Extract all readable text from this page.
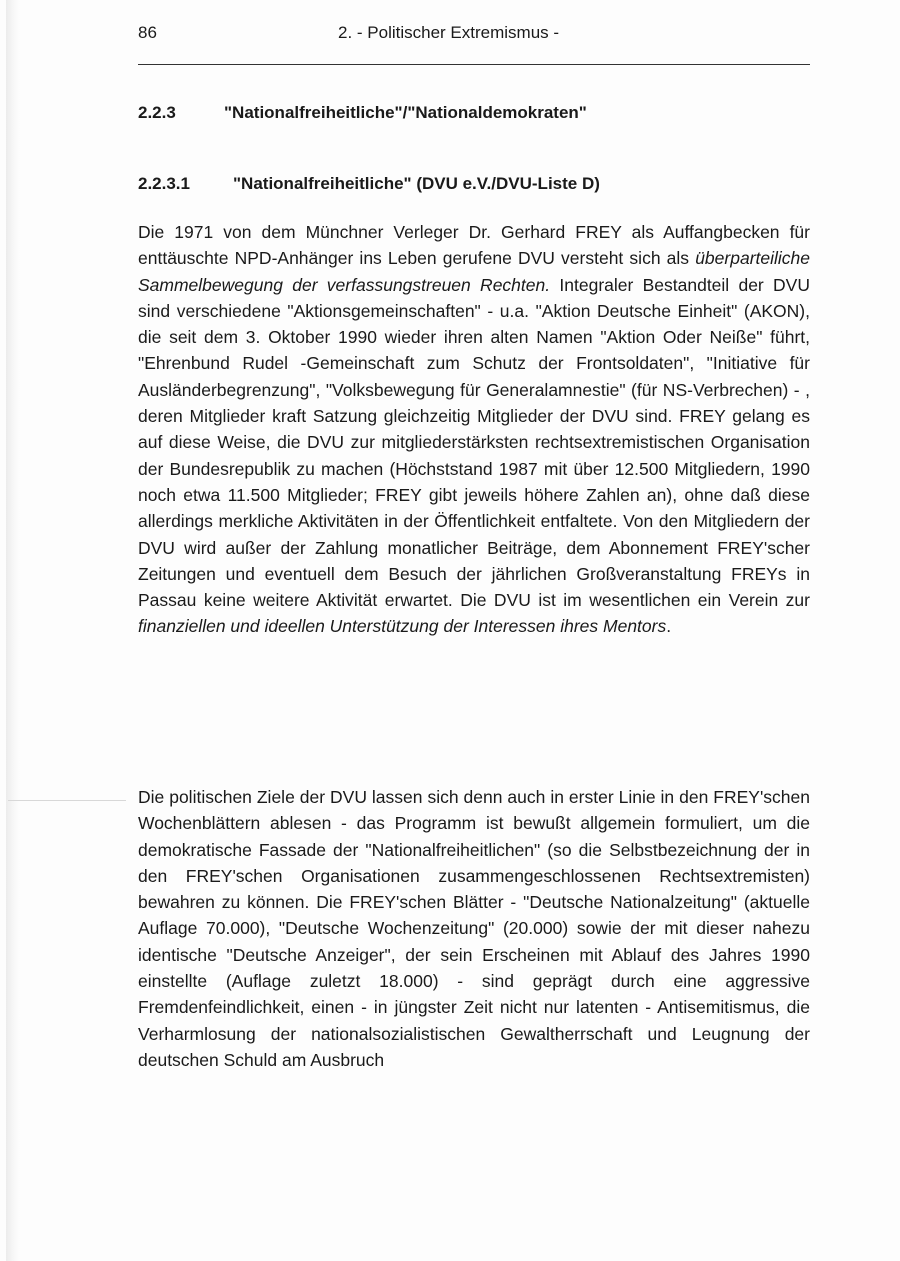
86	2. - Politischer Extremismus -
2.2.3	"Nationalfreiheitliche"/"Nationaldemokraten"
2.2.3.1	"Nationalfreiheitliche" (DVU e.V./DVU-Liste D)

Die 1971 von dem Münchner Verleger Dr. Gerhard FREY als Auffangbecken für enttäuschte NPD-Anhänger ins Leben gerufene DVU versteht sich als überparteiliche Sammelbewegung der verfassungstreuen Rechten. Integraler Bestandteil der DVU sind verschiedene "Aktionsgemeinschaften" - u.a. "Aktion Deutsche Einheit" (AKON), die seit dem 3. Oktober 1990 wieder ihren alten Namen "Aktion Oder Neiße" führt, "Ehrenbund Rudel -Gemeinschaft zum Schutz der Frontsoldaten", "Initiative für Ausländerbegrenzung", "Volksbewegung für Generalamnestie" (für NS-Verbrechen) - , deren Mitglieder kraft Satzung gleichzeitig Mitglieder der DVU sind. FREY gelang es auf diese Weise, die DVU zur mitgliederstärksten rechtsextremistischen Organisation der Bundesrepublik zu machen (Höchststand 1987 mit über 12.500 Mitgliedern, 1990 noch etwa 11.500 Mitglieder; FREY gibt jeweils höhere Zahlen an), ohne daß diese allerdings merkliche Aktivitäten in der Öffentlichkeit entfaltete. Von den Mitgliedern der DVU wird außer der Zahlung monatlicher Beiträge, dem Abonnement FREY'scher Zeitungen und eventuell dem Besuch der jährlichen Großveranstaltung FREYs in Passau keine weitere Aktivität erwartet. Die DVU ist im wesentlichen ein Verein zur finanziellen und ideellen Unterstützung der Interessen ihres Mentors.

Die politischen Ziele der DVU lassen sich denn auch in erster Linie in den FREY'schen Wochenblättern ablesen - das Programm ist bewußt allgemein formuliert, um die demokratische Fassade der "Nationalfreiheitlichen" (so die Selbstbezeichnung der in den FREY'schen Organisationen zusammengeschlossenen Rechtsextremisten) bewahren zu können. Die FREY'schen Blätter - "Deutsche Nationalzeitung" (aktuelle Auflage 70.000), "Deutsche Wochenzeitung" (20.000) sowie der mit dieser nahezu identische "Deutsche Anzeiger", der sein Erscheinen mit Ablauf des Jahres 1990 einstellte (Auflage zuletzt 18.000) - sind geprägt durch eine aggressive Fremdenfeindlichkeit, einen - in jüngster Zeit nicht nur latenten - Antisemitismus, die Verharmlosung der nationalsozialistischen Gewaltherrschaft und Leugnung der deutschen Schuld am Ausbruch
